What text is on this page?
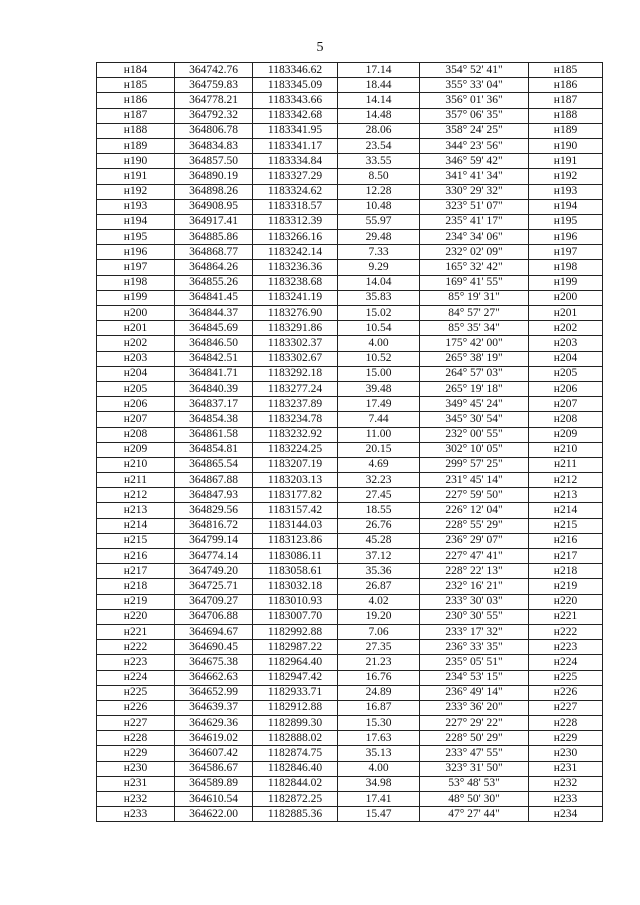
5
н184	364742.76	1183346.62	17.14	354° 52' 41"	н185
н185	364759.83	1183345.09	18.44	355° 33' 04"	н186
н186	364778.21	1183343.66	14.14	356° 01' 36"	н187
н187	364792.32	1183342.68	14.48	357° 06' 35"	н188
н188	364806.78	1183341.95	28.06	358° 24' 25"	н189
н189	364834.83	1183341.17	23.54	344° 23' 56"	н190
н190	364857.50	1183334.84	33.55	346° 59' 42"	н191
н191	364890.19	1183327.29	8.50	341° 41' 34"	н192
н192	364898.26	1183324.62	12.28	330° 29' 32"	н193
н193	364908.95	1183318.57	10.48	323° 51' 07"	н194
н194	364917.41	1183312.39	55.97	235° 41' 17"	н195
н195	364885.86	1183266.16	29.48	234° 34' 06"	н196
н196	364868.77	1183242.14	7.33	232° 02' 09"	н197
н197	364864.26	1183236.36	9.29	165° 32' 42"	н198
н198	364855.26	1183238.68	14.04	169° 41' 55"	н199
н199	364841.45	1183241.19	35.83	85° 19' 31"	н200
н200	364844.37	1183276.90	15.02	84° 57' 27"	н201
н201	364845.69	1183291.86	10.54	85° 35' 34"	н202
н202	364846.50	1183302.37	4.00	175° 42' 00"	н203
н203	364842.51	1183302.67	10.52	265° 38' 19"	н204
н204	364841.71	1183292.18	15.00	264° 57' 03"	н205
н205	364840.39	1183277.24	39.48	265° 19' 18"	н206
н206	364837.17	1183237.89	17.49	349° 45' 24"	н207
н207	364854.38	1183234.78	7.44	345° 30' 54"	н208
н208	364861.58	1183232.92	11.00	232° 00' 55"	н209
н209	364854.81	1183224.25	20.15	302° 10' 05"	н210
н210	364865.54	1183207.19	4.69	299° 57' 25"	н211
н211	364867.88	1183203.13	32.23	231° 45' 14"	н212
н212	364847.93	1183177.82	27.45	227° 59' 50"	н213
н213	364829.56	1183157.42	18.55	226° 12' 04"	н214
н214	364816.72	1183144.03	26.76	228° 55' 29"	н215
н215	364799.14	1183123.86	45.28	236° 29' 07"	н216
н216	364774.14	1183086.11	37.12	227° 47' 41"	н217
н217	364749.20	1183058.61	35.36	228° 22' 13"	н218
н218	364725.71	1183032.18	26.87	232° 16' 21"	н219
н219	364709.27	1183010.93	4.02	233° 30' 03"	н220
н220	364706.88	1183007.70	19.20	230° 30' 55"	н221
н221	364694.67	1182992.88	7.06	233° 17' 32"	н222
н222	364690.45	1182987.22	27.35	236° 33' 35"	н223
н223	364675.38	1182964.40	21.23	235° 05' 51"	н224
н224	364662.63	1182947.42	16.76	234° 53' 15"	н225
н225	364652.99	1182933.71	24.89	236° 49' 14"	н226
н226	364639.37	1182912.88	16.87	233° 36' 20"	н227
н227	364629.36	1182899.30	15.30	227° 29' 22"	н228
н228	364619.02	1182888.02	17.63	228° 50' 29"	н229
н229	364607.42	1182874.75	35.13	233° 47' 55"	н230
н230	364586.67	1182846.40	4.00	323° 31' 50"	н231
н231	364589.89	1182844.02	34.98	53° 48' 53"	н232
н232	364610.54	1182872.25	17.41	48° 50' 30"	н233
н233	364622.00	1182885.36	15.47	47° 27' 44"	н234
